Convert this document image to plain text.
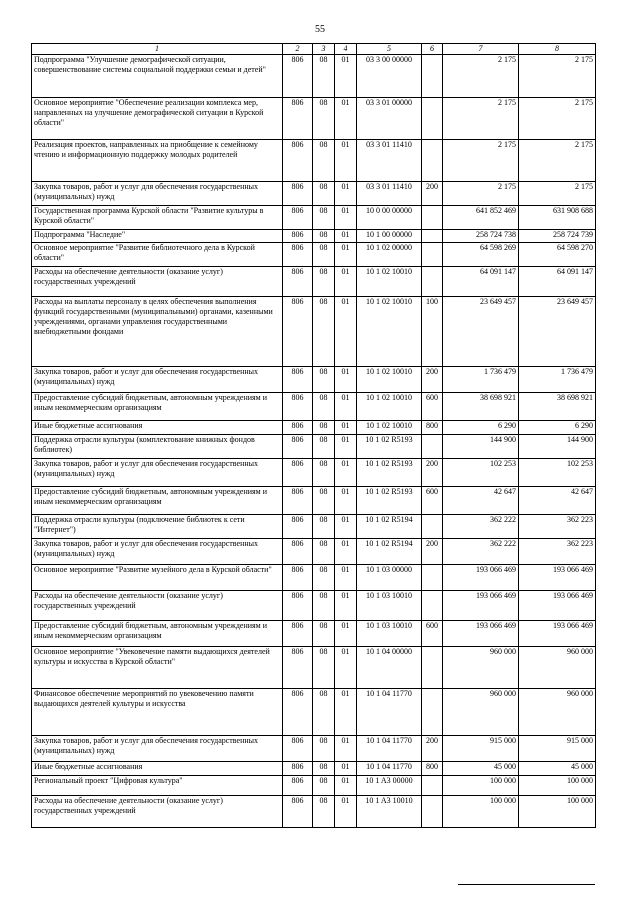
55
1	2	3	4	5	6	7	8
Подпрограмма "Улучшение демографической ситуации, совершенствование системы социальной поддержки семьи и детей"	806	08	01	03 3 00 00000		2 175	2 175
Основное мероприятие "Обеспечение реализации комплекса мер, направленных на улучшение демографической ситуации в Курской области"	806	08	01	03 3 01 00000		2 175	2 175
Реализация проектов, направленных на приобщение к семейному чтению и информационную поддержку молодых родителей	806	08	01	03 3 01 11410		2 175	2 175
Закупка товаров, работ и услуг для обеспечения государственных (муниципальных) нужд	806	08	01	03 3 01 11410	200	2 175	2 175
Государственная программа Курской области "Развитие культуры в Курской области"	806	08	01	10 0 00 00000		641 852 469	631 908 688
Подпрограмма "Наследие"	806	08	01	10 1 00 00000		258 724 738	258 724 739
Основное мероприятие "Развитие библиотечного дела в Курской области"	806	08	01	10 1 02 00000		64 598 269	64 598 270
Расходы на обеспечение деятельности (оказание услуг) государственных учреждений	806	08	01	10 1 02 10010		64 091 147	64 091 147
Расходы на выплаты персоналу в целях обеспечения выполнения функций государственными (муниципальными) органами, казенными учреждениями, органами управления государственными внебюджетными фондами	806	08	01	10 1 02 10010	100	23 649 457	23 649 457
Закупка товаров, работ и услуг для обеспечения государственных (муниципальных) нужд	806	08	01	10 1 02 10010	200	1 736 479	1 736 479
Предоставление субсидий бюджетным, автономным учреждениям и иным некоммерческим организациям	806	08	01	10 1 02 10010	600	38 698 921	38 698 921
Иные бюджетные ассигнования	806	08	01	10 1 02 10010	800	6 290	6 290
Поддержка отрасли культуры (комплектование книжных фондов библиотек)	806	08	01	10 1 02 R5193		144 900	144 900
Закупка товаров, работ и услуг для обеспечения государственных (муниципальных) нужд	806	08	01	10 1 02 R5193	200	102 253	102 253
Предоставление субсидий бюджетным, автономным учреждениям и иным некоммерческим организациям	806	08	01	10 1 02 R5193	600	42 647	42 647
Поддержка отрасли культуры (подключение библиотек к сети "Интернет")	806	08	01	10 1 02 R5194		362 222	362 223
Закупка товаров, работ и услуг для обеспечения государственных (муниципальных) нужд	806	08	01	10 1 02 R5194	200	362 222	362 223
Основное мероприятие "Развитие музейного дела в Курской области"	806	08	01	10 1 03 00000		193 066 469	193 066 469
Расходы на обеспечение деятельности (оказание услуг) государственных учреждений	806	08	01	10 1 03 10010		193 066 469	193 066 469
Предоставление субсидий бюджетным, автономным учреждениям и иным некоммерческим организациям	806	08	01	10 1 03 10010	600	193 066 469	193 066 469
Основное мероприятие "Увековечение памяти выдающихся деятелей культуры и искусства в Курской области"	806	08	01	10 1 04 00000		960 000	960 000
Финансовое обеспечение мероприятий по увековечению памяти выдающихся деятелей культуры и искусства	806	08	01	10 1 04 11770		960 000	960 000
Закупка товаров, работ и услуг для обеспечения государственных (муниципальных) нужд	806	08	01	10 1 04 11770	200	915 000	915 000
Иные бюджетные ассигнования	806	08	01	10 1 04 11770	800	45 000	45 000
Региональный проект "Цифровая культура"	806	08	01	10 1 A3 00000		100 000	100 000
Расходы на обеспечение деятельности (оказание услуг) государственных учреждений	806	08	01	10 1 A3 10010		100 000	100 000
